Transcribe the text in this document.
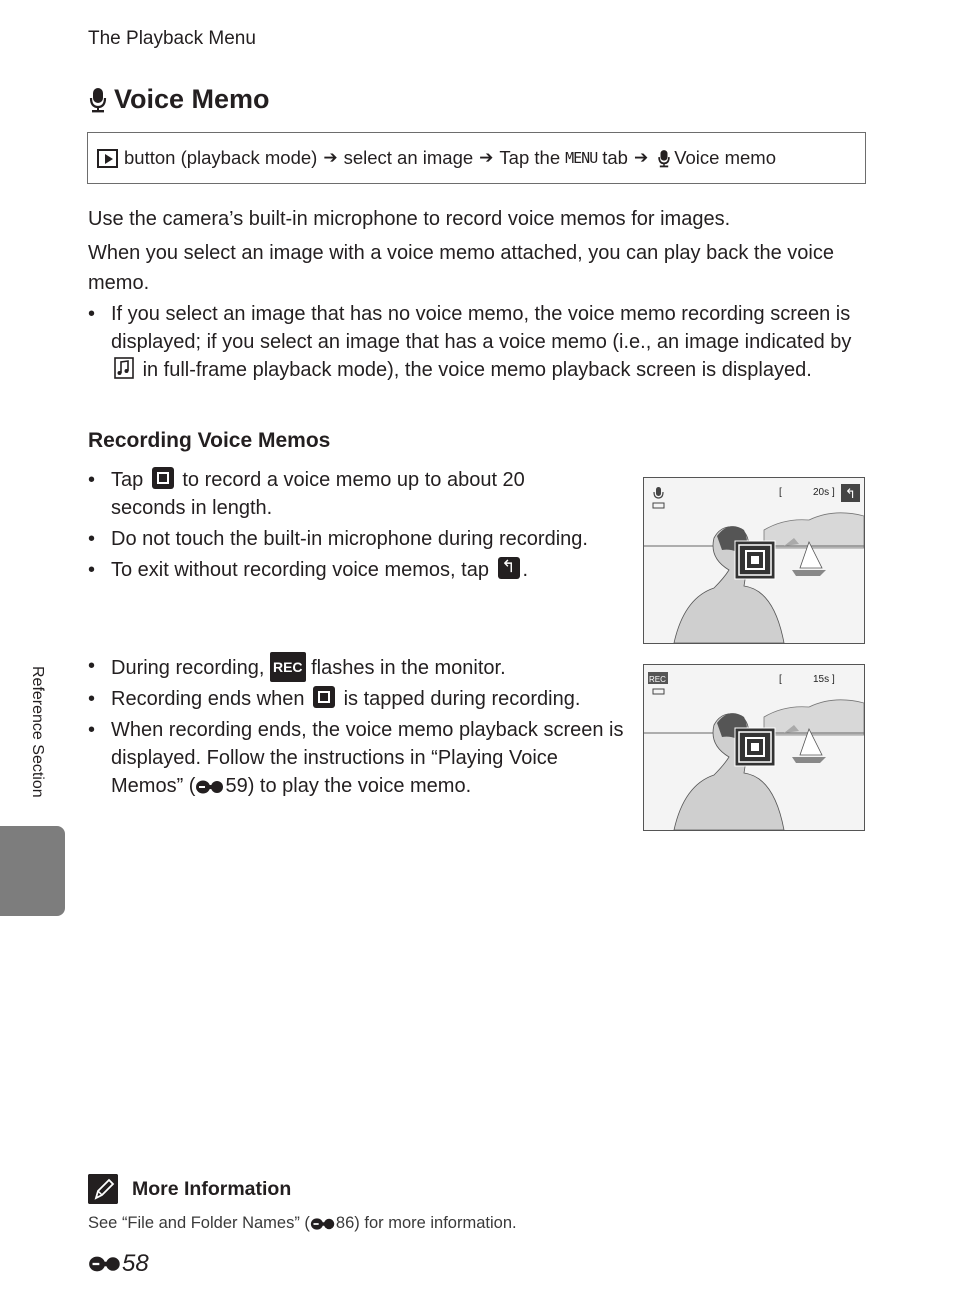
The Playback Menu
Voice Memo
button (playback mode) ➔ select an image ➔ Tap the MENU tab ➔ Voice memo
Use the camera’s built-in microphone to record voice memos for images.
When you select an image with a voice memo attached, you can play back the voice memo.
• If you select an image that has no voice memo, the voice memo recording screen is displayed; if you select an image that has a voice memo (i.e., an image indicated by  in full-frame playback mode), the voice memo playback screen is displayed.
Recording Voice Memos
• Tap to record a voice memo up to about 20 seconds in length.
• Do not touch the built-in microphone during recording.
• To exit without recording voice memos, tap ↰ .
• During recording, REC flashes in the monitor.
• Recording ends when is tapped during recording.
• When recording ends, the voice memo playback screen is displayed. Follow the instructions in “Playing Voice Memos” ( 59) to play the voice memo.
[	20s ] ↰
REC	[	15s ]
Reference Section
More Information
See “File and Folder Names” ( 86) for more information.
58
